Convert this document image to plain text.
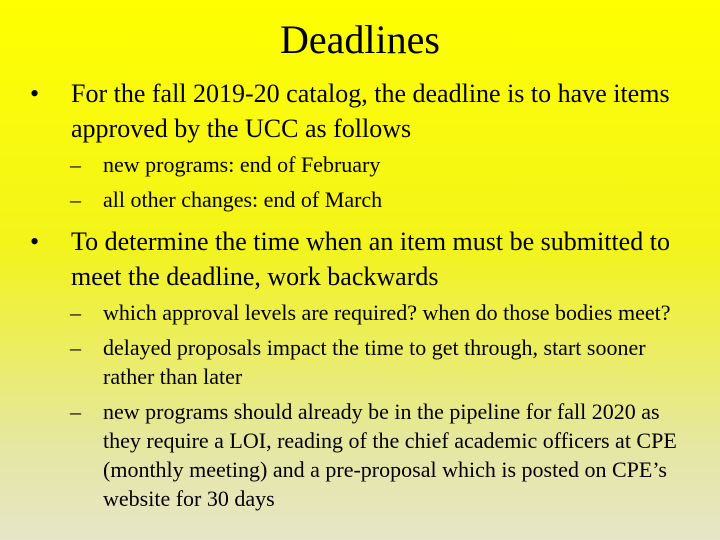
Deadlines
•	For the fall 2019-20 catalog, the deadline is to have items approved by the UCC as follows
–	new programs: end of February
–	all other changes: end of March
•	To determine the time when an item must be submitted to meet the deadline, work backwards
–	which approval levels are required? when do those bodies meet?
–	delayed proposals impact the time to get through, start sooner rather than later
–	new programs should already be in the pipeline for fall 2020 as they require a LOI, reading of the chief academic officers at CPE (monthly meeting) and a pre-proposal which is posted on CPE’s website for 30 days
